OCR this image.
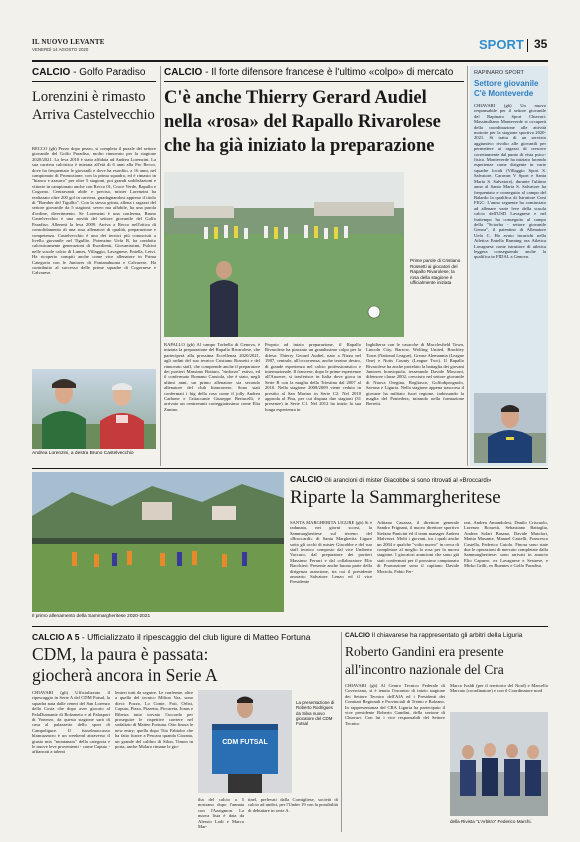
IL NUOVO LEVANTE
VENERDÌ 14 AGOSTO 2020	SPORT 35
CALCIO - Golfo Paradiso
Lorenzini è rimasto
Arriva Castelvecchio
RECCO (gb) Pezzo dopo pezzo, si completa il puzzle del settore giovanile del Golfo Paradiso, molto rinnovato per la stagione 2020/2021. La leva 2010 è stata affidata ad Andrea Lorenzini. La sua carriera calcistica è iniziata all'età di 6 anni alla Pro Recco, dove ha frequentato le giovanili e dove ha esordito, a 16 anni, nel campionato di Promozione, con la prima squadra, ed è rimasto in "bianco e azzurro" per oltre 5 stagioni, poi grandi soddisfazioni e vittorie in campionato anche con Recco 01, Croce Verde, Rapallo e Cogorno. Centravanti abile e preciso, mister Lorenzini ha realizzato oltre 200 gol in carriera, guadagnandosi appieno il titolo di "Bomber del Tigullio". Con la stessa grinta, allena i ragazzi del settore giovanile da 5 stagioni: seveo ma affabile, ha una parola d'ordine, divertimento. Se Lorenzini è una conferma, Bruno Castelvecchio è una novità del settore giovanile del Golfo Paradiso. Allenerà la leva 2009. Arriva a Recco nell'ottica di consolidamento di una rosa allenatori di qualità, preparazione e competenza. Castelvecchio è uno dei tecnici più conosciuti a livello giovanile nel Tigullio. Potenzino Uefa B, ha condotto calcisticamente generazioni di Esordienti, Giovanissimi, Pulcini nelle scuole calcio di Lumes, Villaggio, Lavagnese, Entella, Leivi. Ha ricoperto compiti anche come vice allenatore in Prima Categoria con le Juniores di Fontanabuona e Calvarese. Ha contribuito al successo delle prime squadre di Cogornese e Calvarese.
Andrea Lorenzini, a destra Bruno Castelvecchio
CALCIO - Il forte difensore francese è l'ultimo «colpo» di mercato
C'è anche Thierry Gerard Audiel
nella «rosa» del Rapallo Rivarolese
che ha già iniziato la preparazione
Prime parole di Cristiano Rossetti ai giocatori del Rapallo Rivarolese; la rosa della stagione è ufficialmente iniziata
RAPALLO (gb) Al campo Torbella di Genova, è iniziata la preparazione del Rapallo Rivarolese, che parteciperà alla prossima Eccellenza 2020/2021, agli ordini del suo tecnico Cristiano Rossetti e del rinnovato staff, che comprende anche il preparatore dei portieri Massimo Bottaro, "rinforzo" estivo, ed il confermato Romano Cassiola, che è stato, negli ultimi anni, un primo allenatore sia secondo allenatore del club bianconero. Sono stati confermati i big della rosa come il jolly Andrea Carbone e l'attaccante Giuseppe Bertucelli, è arrivato un centravanti corteggiatissimo come Elia Zunino.
Proprio ad inizio preparazione, il Rapallo Rivarolese ha piazzato un grandissimo colpo per la difesa: Thierry Gerard Audiel, nato a Nizza nel 1987, centrale, all'occorrenza, anche terzino destro, di grande esperienza nel calcio professionistico e internazionale. Il francese, dopo le prime esperienze all'Auxerre, si trasferisce in Italia dove gioca in Serie B con la maglia della Triestina dal 2007 al 2010. Nella stagione 2008/2009 viene ceduto in prestito al San Marino in Serie C2. Nel 2010 approda al Pisa, per cui disputa due stagioni (31 presenze) in Serie C1. Nel 2012 ha inizio la sua lunga esperienza in
Inghilterra con le casacche di Macclesfield Town, Lincoln City, Barrow, Wolfing United, Brackley Town (National League), Grease Alemannia (League One) e Notts County (League Two). Il Rapallo Rivarolese ha anche protelato la battaglia dei giovani Juniores bonviquola, tesserando Davide Mosconi, difensore classe 2002, cresciuto nel settore giovanile di Nuova Oregina, Bogliasco, Golfodiprognolo, Savona e Liguria. Nella stagione appena trascorsa il giovane ha militato fuori regione, indossando la maglia del Pontedera, mirando nella formazione Berretti.
RAPINARO SPORT
Settore giovanile
C'è Monteverde
CHIAVARI (gb) Un nuovo responsabile per il settore giovanile del Rapinaro Sport Chiavari: Massimiliano Monteverde si occuperà della coordinazione alle attività motorie per la stagione sportiva 2020-2021. Si tratta di un servizio aggiuntivo rivolto alle giovanili per permettere ai ragazzi di crescere correttamente dal punto di vista psico-fisico. Monteverde ha iniziato facendo esperienze come dirigente in varie squadre locali (Villaggio Sport S. Salvatore, Caravan V Sport e Santa Maria S. Salvatore), durante l'ultimo anno al Santa Maria S. Salvatore ha frequentato e conseguito al campo del Balardo la qualifica di Istruttore Coni FIGC. L'anno seguente ha cominciato ad allenare varie leve della scuola calcio dell'USD Lavagnese e nel frattempo ha conseguito al campo della "Sciorba - settore giovanile Genoa", il patentino di Allenatore Uefa C. Ha avuto incarichi nella Atletica Entella Running ora Atletica Lavagnese come istruttore di atletica leggera conseguendo anche la qualifica in FIDAL a Genova.
Il primo allenamento della Sammargheritese 2020-2021
CALCIO Gli arancioni di mister Giacobbe si sono ritrovati al «Broccardi»
Riparte la Sammargheritese
SANTA MARGHERITA LIGURE (gb) Si è radunata, nei giorni scorsi, la Sammargheritese sul terreno del «Broccardi» di Santa Margherita Ligure sotto gli occhi di mister Giacobbe e del suo staff tecnico composto dal vice Umberto Vaccaro, dal preparatore dei portieri Massimo Ferrari e dal collaboratore Elio Bacchieri. Presente anche buona parte della dirigenza arancione, tra cui il presidente onorario Salvatore Lenzo ed il vice Presidente
Adriano Casazza, il direttore generale Sandro Frignani, il nuovo direttore sportivo Stefano Panicini ed il team manager Andrea Malvezzi. Molti i giovani, tra i quali anche un 2004 e qualche "volto nuovo" in cerca di completare al meglio la rosa per la nuova stagione. I giocatori arancioni che sono già stati confermati per il prossimo campionato di Promozione sono il capitano Davide Mortola, Fabio Fer-
rari, Andrea Amandolesi, Danilo Criscuolo, Lorenzo Rossetti, Sebastiano Battaglia, Andrea Solari Basano, Davide Maiolori, Mattia Musante, Manuel Castelli, Francesco Castella, Federico Cuiolo. Finora sono state due le operazioni di mercato completate dalla Sammargheritese: sono arrivati in arancio Elio Capurro, ex Lavagnese e Sestrese, e Mirko Grilli, ex Ruentes e Golfo Paradiso.
CALCIO A 5 - Ufficializzato il ripescaggio del club ligure di Matteo Fortuna
CDM, la paura è passata:
giocherà ancora in Serie A
CHIAVARI (gb) Ufficializzato il ripescaggio in Serie A del CDM Futsal, la squadra nata dalle ceneri del San Lorenzo della Costa che dopo aver giocato al PalaDiamante di Bolzaneto e al Palasport di Vonerzo, da questa stagione sarà di casa al palazzetto dello sport di Campoligure. Il fusselmaccasso blancazzurro è un weekend attraverso il giusto mix "montanaro" della categoria e le nuove leve provenienti - come Caputo - affiancati a talenti
lenteri tutti da seguire. Le conferme, oltre a quella del tecnico Milton Vaz, sono dieci: Pozzo, Lo Conte, Foti, Orlisi, Caputo, Pizzo, Pizzetta, Piccareta, Jonas e Ribeira tutto torvato l'accordo per proseguire le rispettive carriere nel sodalizio di Matteo Fortuna. Otto finora le new entry; quella dopo Tito Fabiobo che ha fatto furore a Pescara quanda Ciorana, un grande del calibro di Silon, Timon in porta, anche Molaro rimane le gio-
CDM FUTSAL
La presentazione di Roberto Rodrigues da Silva nuovo giocatore del CDM Futsal
tha del calcio a 5 nostrano dopo l'annata con l'Azzigmon. La nuova lista è data da Alessio Lodi e Marco Mar-
tinel, prelevati dalla Cornigliese, società di calcio ad undici, per l'Under 19 con la possibilità di debuttare in serie A.
CALCIO Il chiavarese ha rappresentato gli arbitri della Liguria
Roberto Gandini era presente
all'incontro nazionale del Cra
CHIAVARI (gb) Al Centro Tecnico Federale di Coverciano, si è tenuto l'incontro di inizio stagione dei Settore Tecnico dell'AIA ed i Presidenti dei Comitati Regionali e Provinciali di Trento e Bolzano. In rappresentanza del CRA Liguria ha partecipato il vice presidente Roberto Gandini, della sezione di Chiavari. Con lui i vice responsabili del Settore Tecnico
Marco Ivaldi (per il territorio del Nord) e Marcello Marcato (coordinatore) e con il Coordinatore nord
della Rivista "L'Arbitro" Federico Marchi.
